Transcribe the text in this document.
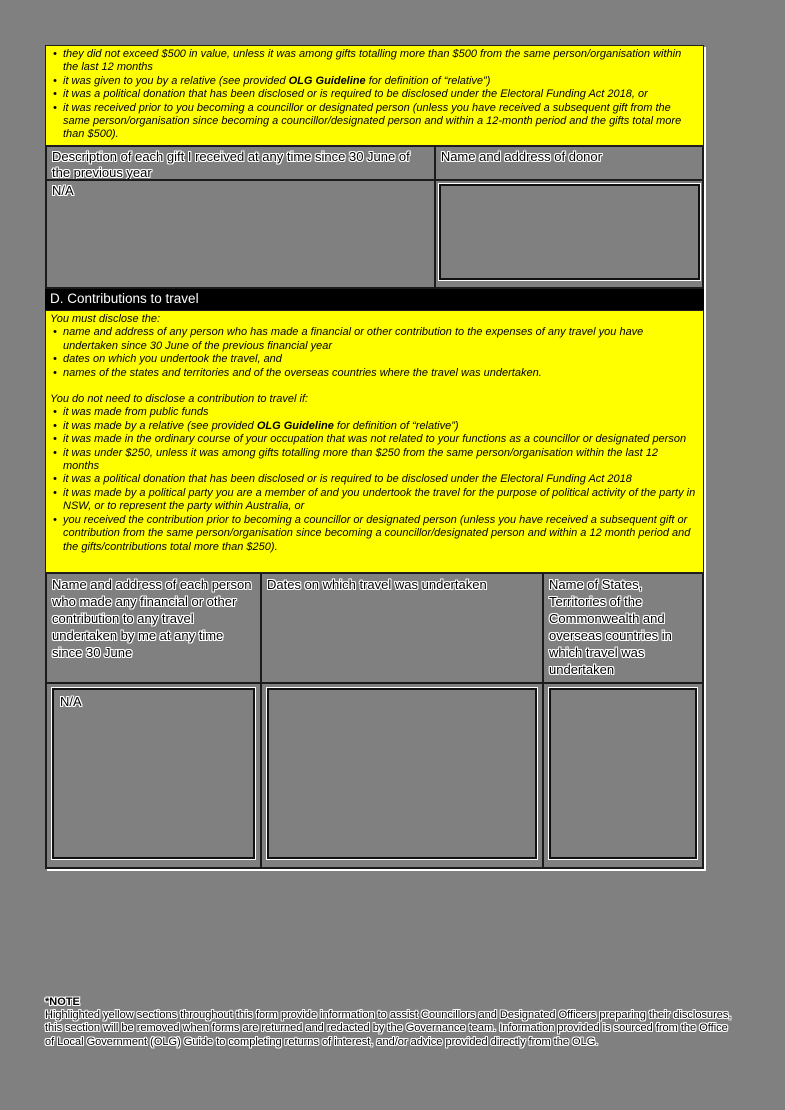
• they did not exceed $500 in value, unless it was among gifts totalling more than $500 from the same person/organisation within the last 12 months
• it was given to you by a relative (see provided OLG Guideline for definition of “relative”)
• it was a political donation that has been disclosed or is required to be disclosed under the Electoral Funding Act 2018, or
• it was received prior to you becoming a councillor or designated person (unless you have received a subsequent gift from the same person/organisation since becoming a councillor/designated person and within a 12-month period and the gifts total more than $500).
Description of each gift I received at any time since 30 June of the previous year
Name and address of donor
N/A
D. Contributions to travel
You must disclose the:
• name and address of any person who has made a financial or other contribution to the expenses of any travel you have undertaken since 30 June of the previous financial year
• dates on which you undertook the travel, and
• names of the states and territories and of the overseas countries where the travel was undertaken.
You do not need to disclose a contribution to travel if:
• it was made from public funds
• it was made by a relative (see provided OLG Guideline for definition of “relative”)
• it was made in the ordinary course of your occupation that was not related to your functions as a councillor or designated person
• it was under $250, unless it was among gifts totalling more than $250 from the same person/organisation within the last 12 months
• it was a political donation that has been disclosed or is required to be disclosed under the Electoral Funding Act 2018
• it was made by a political party you are a member of and you undertook the travel for the purpose of political activity of the party in NSW, or to represent the party within Australia, or
• you received the contribution prior to becoming a councillor or designated person (unless you have received a subsequent gift or contribution from the same person/organisation since becoming a councillor/designated person and within a 12 month period and the gifts/contributions total more than $250).
Name and address of each person who made any financial or other contribution to any travel undertaken by me at any time since 30 June
Dates on which travel was undertaken	Name of States, Territories of the Commonwealth and overseas countries in which travel was undertaken
N/A
*NOTE
Highlighted yellow sections throughout this form provide information to assist Councillors and Designated Officers preparing their disclosures, this section will be removed when forms are returned and redacted by the Governance team. Information provided is sourced from the Office of Local Government (OLG) Guide to completing returns of interest, and/or advice provided directly from the OLG.
